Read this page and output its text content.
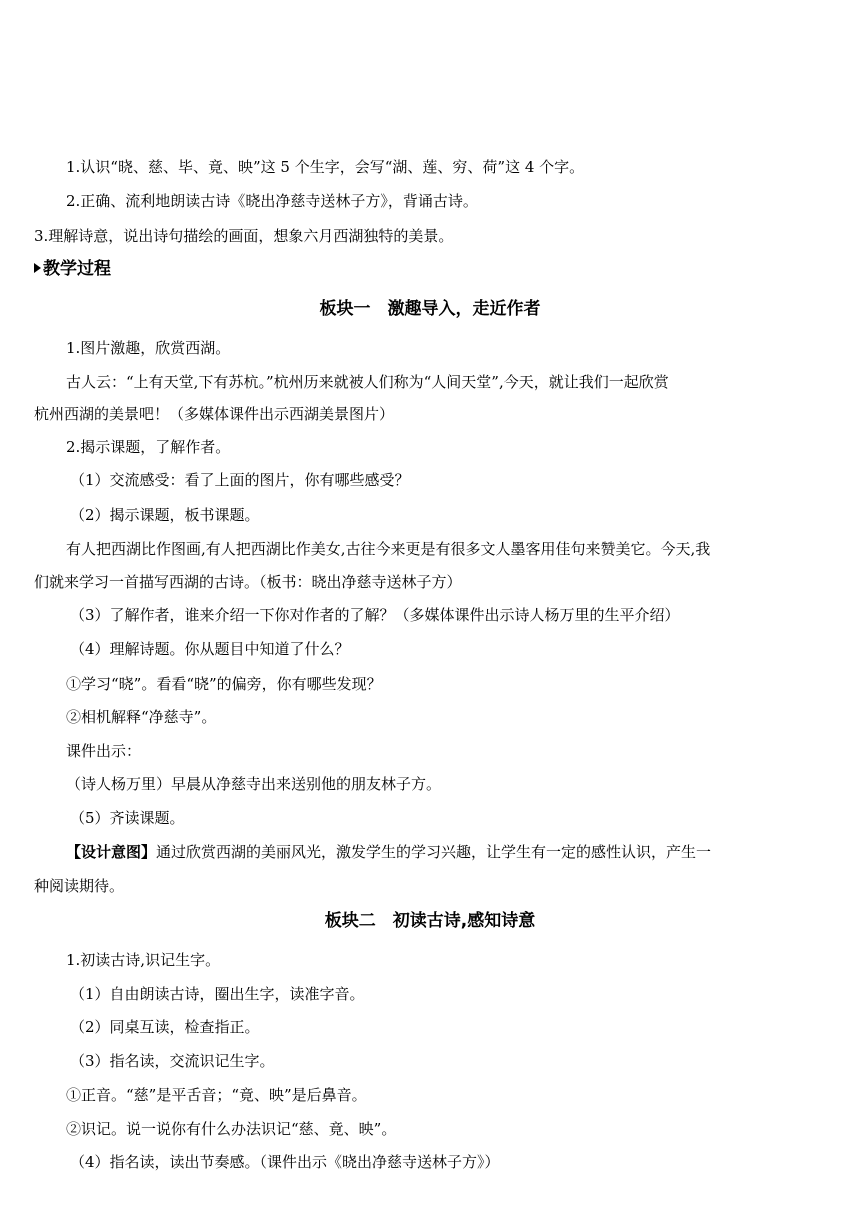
1.认识“晓、慈、毕、竟、映”这 5 个生字，会写“湖、莲、穷、荷”这 4 个字。
2.正确、流利地朗读古诗《晓出净慈寺送林子方》，背诵古诗。
3.理解诗意，说出诗句描绘的画面，想象六月西湖独特的美景。
教学过程
板块一　激趣导入，走近作者
1.图片激趣，欣赏西湖。
古人云：“上有天堂,下有苏杭。”杭州历来就被人们称为“人间天堂”,今天，就让我们一起欣赏
杭州西湖的美景吧！（多媒体课件出示西湖美景图片）
2.揭示课题，了解作者。
（1）交流感受：看了上面的图片，你有哪些感受？
（2）揭示课题，板书课题。
有人把西湖比作图画,有人把西湖比作美女,古往今来更是有很多文人墨客用佳句来赞美它。今天,我
们就来学习一首描写西湖的古诗。（板书：晓出净慈寺送林子方）
（3）了解作者，谁来介绍一下你对作者的了解？（多媒体课件出示诗人杨万里的生平介绍）
（4）理解诗题。你从题目中知道了什么？
①学习“晓”。看看“晓”的偏旁，你有哪些发现？
②相机解释“净慈寺”。
课件出示：
（诗人杨万里）早晨从净慈寺出来送别他的朋友林子方。
（5）齐读课题。
【设计意图】通过欣赏西湖的美丽风光，激发学生的学习兴趣，让学生有一定的感性认识，产生一
种阅读期待。
板块二　初读古诗,感知诗意
1.初读古诗,识记生字。
（1）自由朗读古诗，圈出生字，读准字音。
（2）同桌互读，检查指正。
（3）指名读，交流识记生字。
①正音。“慈”是平舌音；“竟、映”是后鼻音。
②识记。说一说你有什么办法识记“慈、竟、映”。
（4）指名读，读出节奏感。（课件出示《晓出净慈寺送林子方》）
